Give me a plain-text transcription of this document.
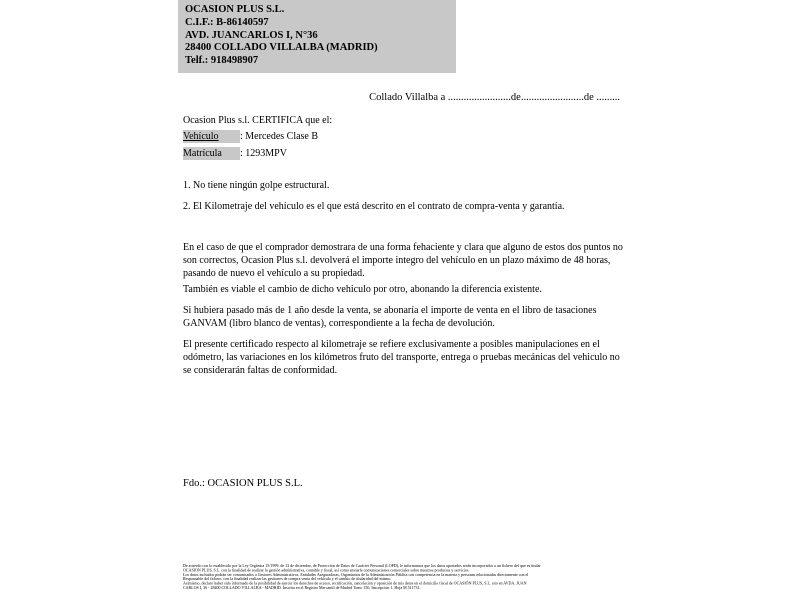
OCASION PLUS S.L.
C.I.F.: B-86140597
AVD. JUANCARLOS I, N°36
28400 COLLADO VILLALBA (MADRID)
Telf.: 918498907
Collado Villalba a ........................de........................de .........
Ocasion Plus s.l. CERTIFICA que el:
Vehículo : Mercedes Clase B
Matrícula : 1293MPV
1. No tiene ningún golpe estructural.
2. El Kilometraje del vehículo es el que está descrito en el contrato de compra-venta y garantía.
En el caso de que el comprador demostrara de una forma fehaciente y clara que alguno de estos dos puntos no son correctos, Ocasion Plus s.l. devolverá el importe integro del vehículo en un plazo máximo de 48 horas, pasando de nuevo el vehículo a su propiedad.
También es viable el cambio de dicho vehiculo por otro, abonando la diferencia existente.
Si hubiera pasado más de 1 año desde la venta, se abonaría el importe de venta en el libro de tasaciones GANVAM (libro blanco de ventas), correspondiente a la fecha de devolución.
El presente certificado respecto al kilometraje se refiere exclusivamente a posibles manipulaciones en el odómetro, las variaciones en los kilómetros fruto del transporte, entrega o pruebas mecánicas del vehiculo no se considerarán faltas de conformidad.
Fdo.: OCASION PLUS S.L.
De acuerdo con lo establecido por la Ley Orgánica 15/1999, de 13 de diciembre, de Protección de Datos de Carácter Personal (LOPD), le informamos que los datos aportados serán incorporados a un fichero del que es titular
OCASION PLUS, S.L. con la finalidad de realizar la gestión administrativa, contable y fiscal, así como enviarle comunicaciones comerciales sobre nuestros productos y servicios.
Los datos incluidos podrán ser comunicados a Gestores Administrativos, Entidades Aseguradoras, Organismos de la Administración Pública con competencia en la materia y personas relacionadas directamente con el
Responsable del fichero, con la finalidad realizar las gestiones de compra venta del vehículo y el cambio de titularidad del mismo.
Asimismo, declaro haber sido informado de la posibilidad de ejercer los derechos de acceso, rectificación, cancelación y oposición de mis datos en el domicilio fiscal de OCASIÓN PLUS, S.L. sito en AVDA. JUAN
CARLOS I, 36 - 28400 COLLADO VILLALBA - MADRID. Inscrita en el Registro Mercantil de Madrid Tomo 150, Inscripción 1, Hoja M 511731.
